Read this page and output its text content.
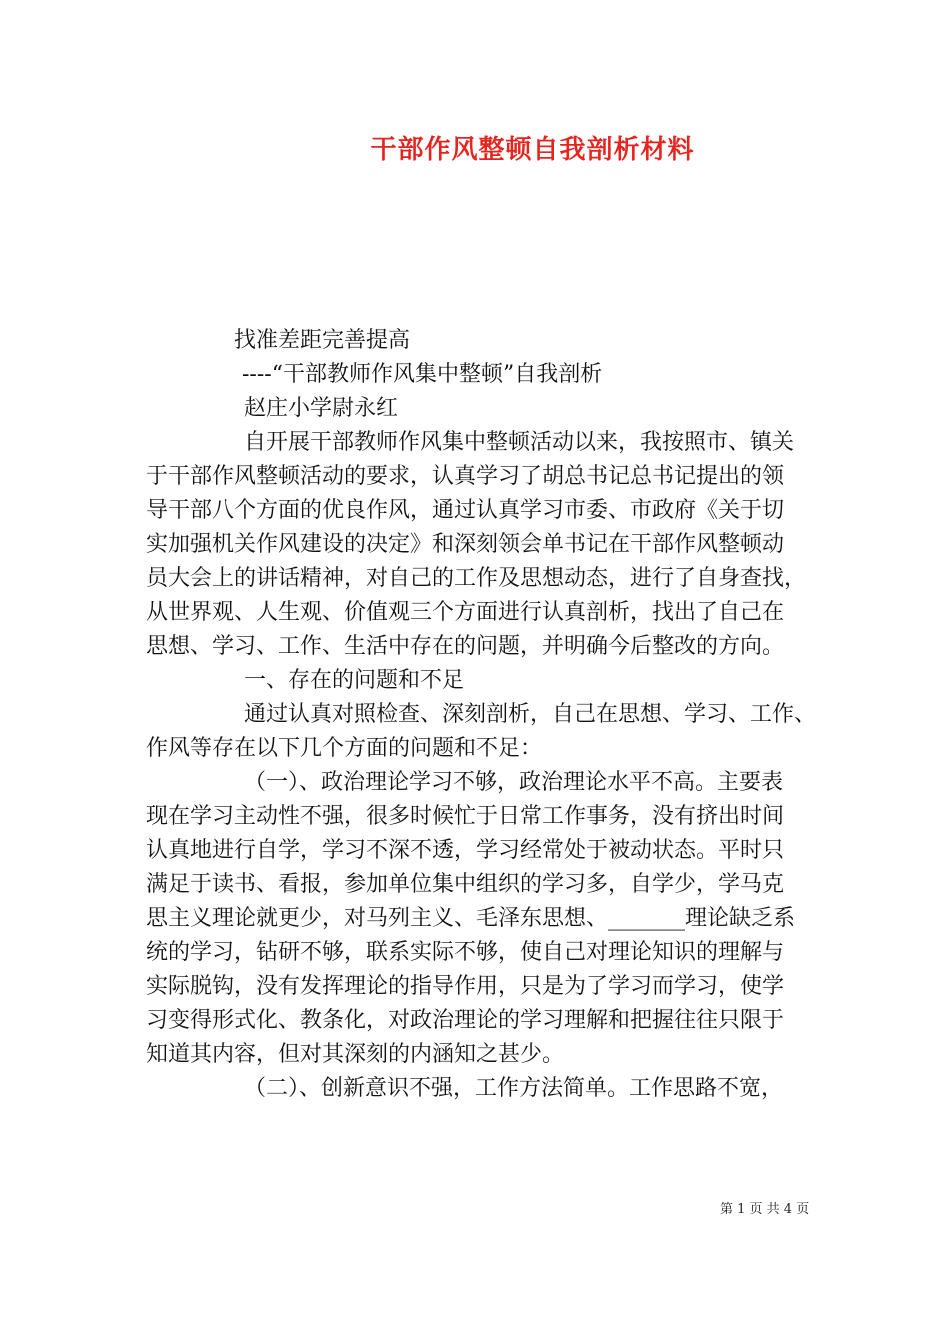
干部作风整顿自我剖析材料
找准差距完善提高
----“干部教师作风集中整顿”自我剖析
赵庄小学尉永红
自开展干部教师作风集中整顿活动以来，我按照市、镇关
于干部作风整顿活动的要求，认真学习了胡总书记总书记提出的领
导干部八个方面的优良作风，通过认真学习市委、市政府《关于切
实加强机关作风建设的决定》和深刻领会单书记在干部作风整顿动
员大会上的讲话精神，对自己的工作及思想动态，进行了自身查找，
从世界观、人生观、价值观三个方面进行认真剖析，找出了自己在
思想、学习、工作、生活中存在的问题，并明确今后整改的方向。
一、存在的问题和不足
通过认真对照检查、深刻剖析，自己在思想、学习、工作、
作风等存在以下几个方面的问题和不足：
（一）、政治理论学习不够，政治理论水平不高。主要表
现在学习主动性不强，很多时候忙于日常工作事务，没有挤出时间
认真地进行自学，学习不深不透，学习经常处于被动状态。平时只
满足于读书、看报，参加单位集中组织的学习多，自学少，学马克
思主义理论就更少，对马列主义、毛泽东思想、_______理论缺乏系
统的学习，钻研不够，联系实际不够，使自己对理论知识的理解与
实际脱钩，没有发挥理论的指导作用，只是为了学习而学习，使学
习变得形式化、教条化，对政治理论的学习理解和把握往往只限于
知道其内容，但对其深刻的内涵知之甚少。
（二）、创新意识不强，工作方法简单。工作思路不宽，
第 1 页 共 4 页
